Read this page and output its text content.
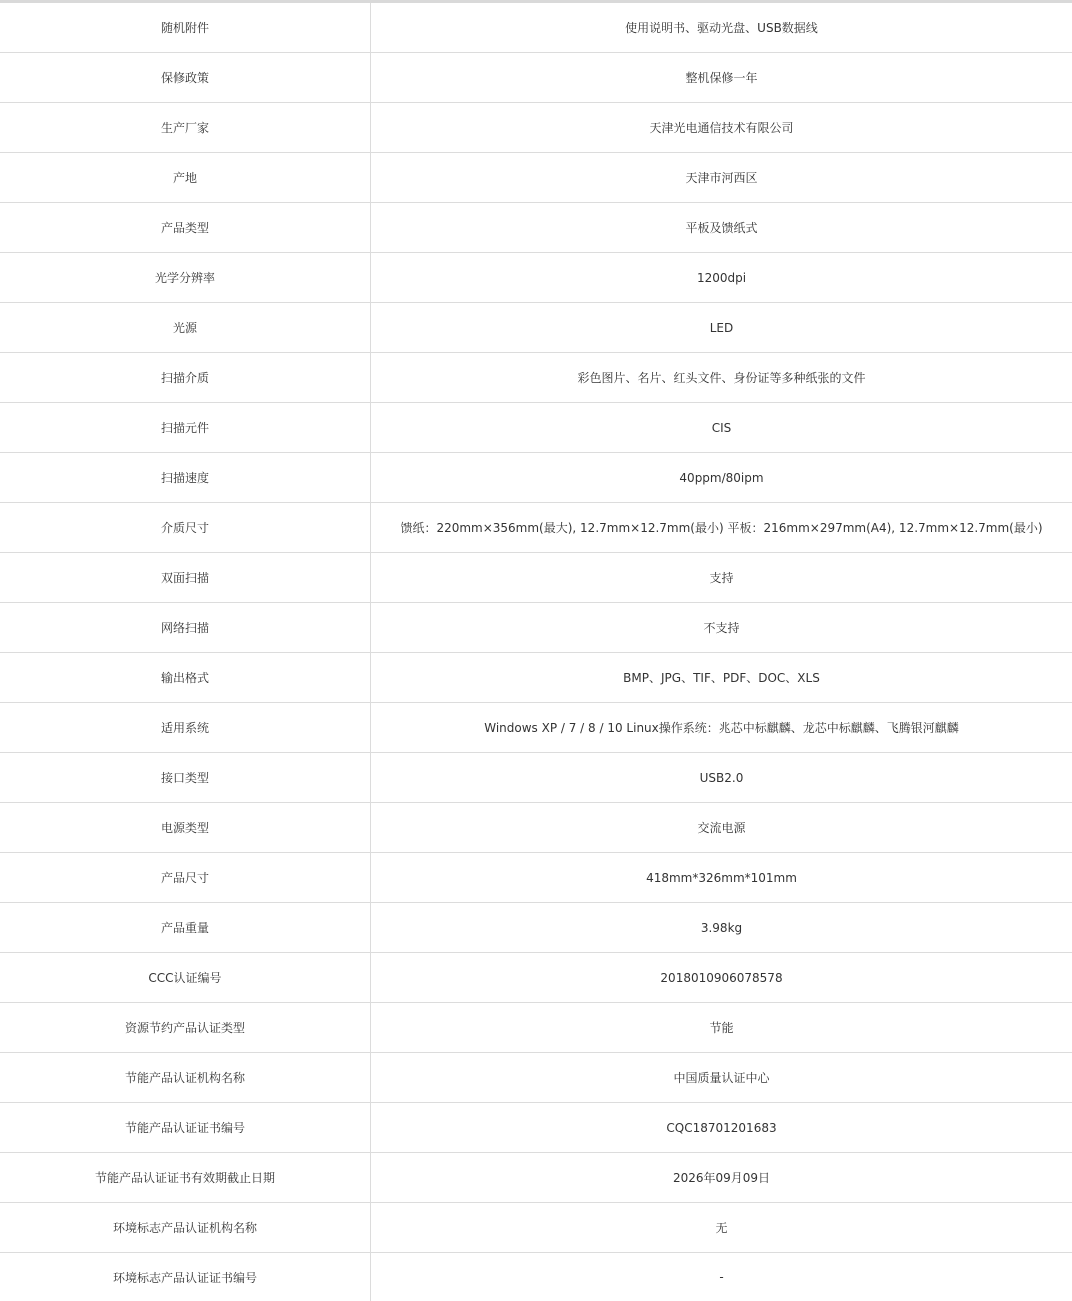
随机附件	使用说明书、驱动光盘、USB数据线
保修政策	整机保修一年
生产厂家	天津光电通信技术有限公司
产地	天津市河西区
产品类型	平板及馈纸式
光学分辨率	1200dpi
光源	LED
扫描介质	彩色图片、名片、红头文件、身份证等多种纸张的文件
扫描元件	CIS
扫描速度	40ppm/80ipm
介质尺寸	馈纸：220mm×356mm(最大), 12.7mm×12.7mm(最小) 平板：216mm×297mm(A4), 12.7mm×12.7mm(最小)
双面扫描	支持
网络扫描	不支持
输出格式	BMP、JPG、TIF、PDF、DOC、XLS
适用系统	Windows XP / 7 / 8 / 10 Linux操作系统：兆芯中标麒麟、龙芯中标麒麟、飞腾银河麒麟
接口类型	USB2.0
电源类型	交流电源
产品尺寸	418mm*326mm*101mm
产品重量	3.98kg
CCC认证编号	2018010906078578
资源节约产品认证类型	节能
节能产品认证机构名称	中国质量认证中心
节能产品认证证书编号	CQC18701201683
节能产品认证证书有效期截止日期	2026年09月09日
环境标志产品认证机构名称	无
环境标志产品认证证书编号	-
